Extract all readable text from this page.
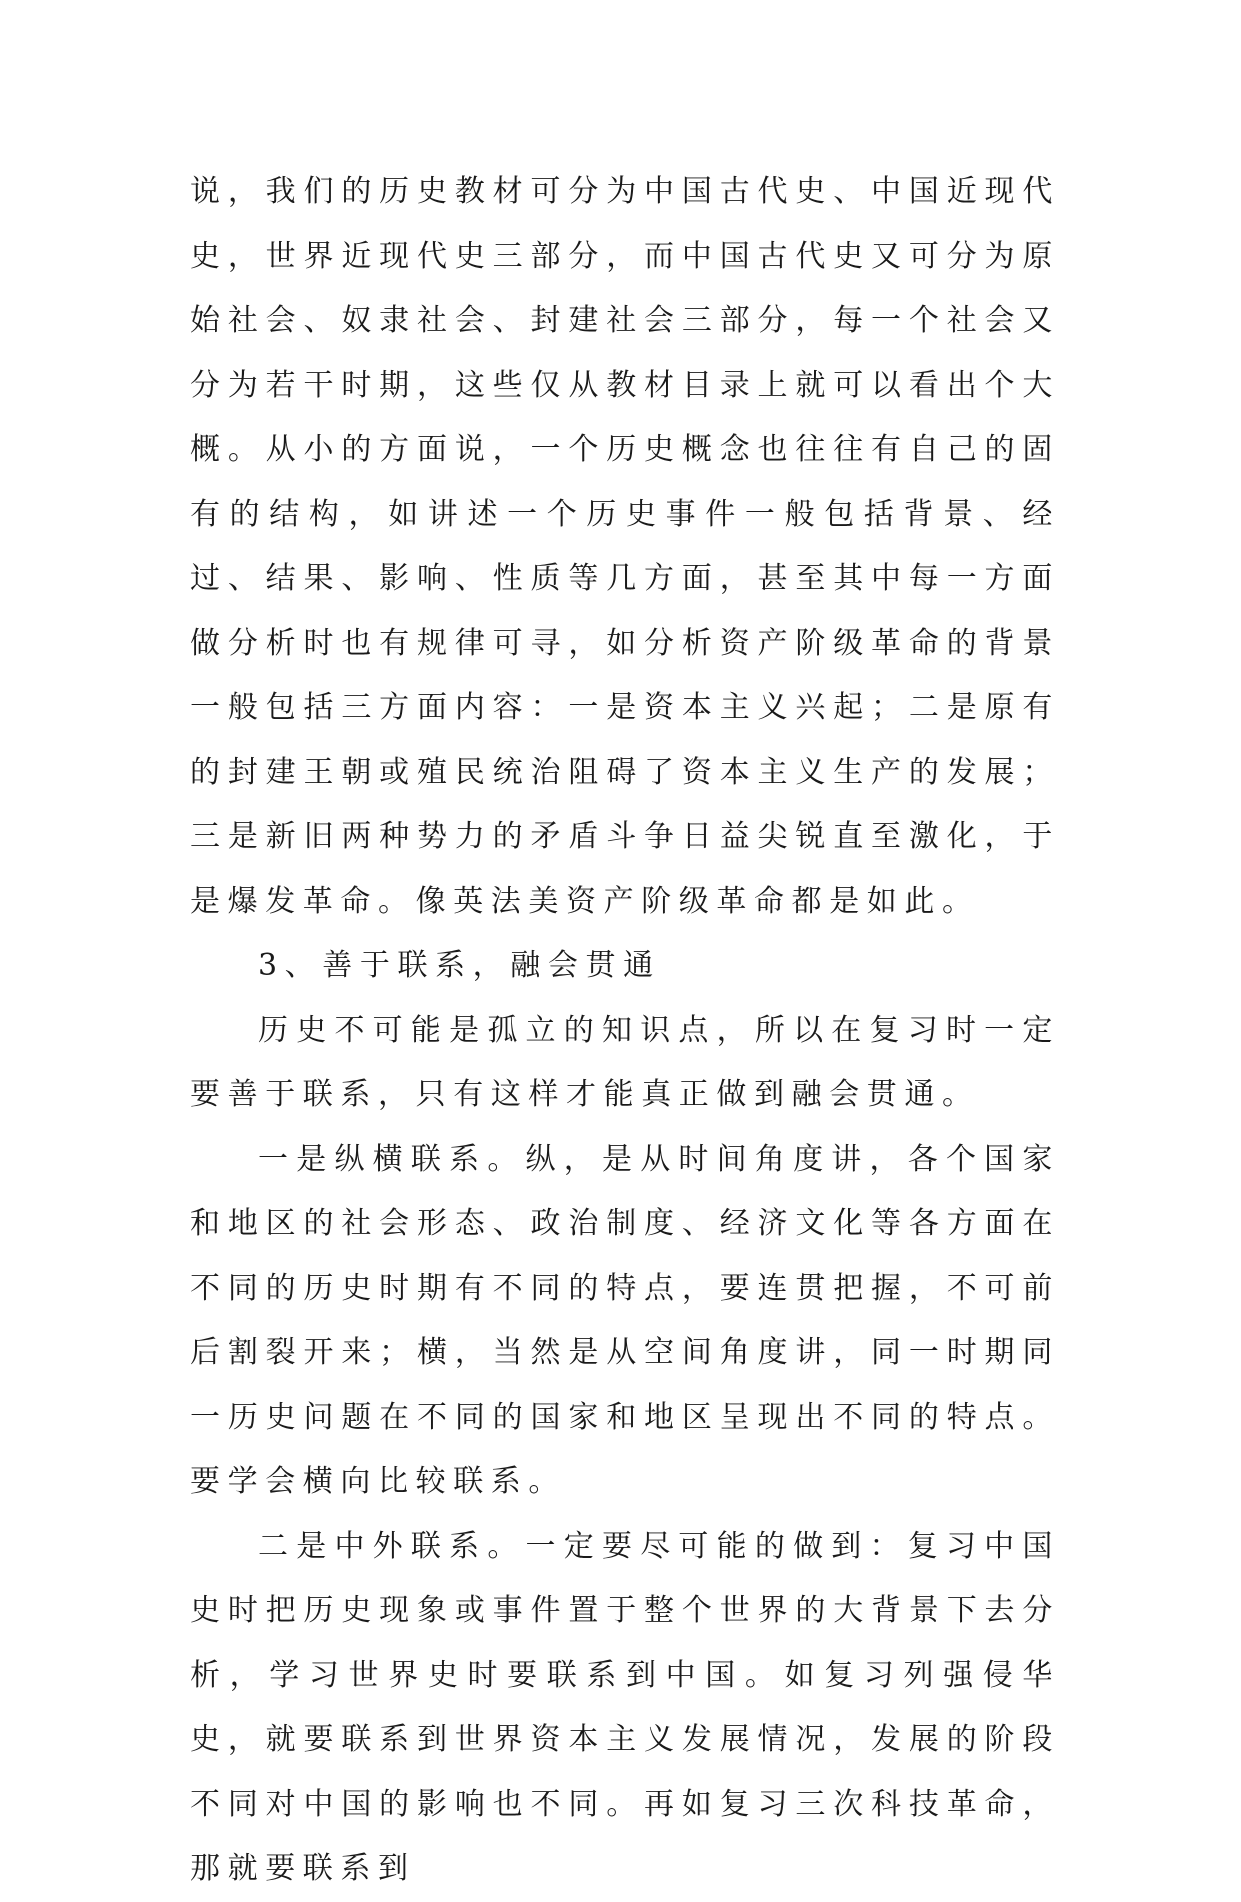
说，我们的历史教材可分为中国古代史、中国近现代史，世界近现代史三部分，而中国古代史又可分为原始社会、奴隶社会、封建社会三部分，每一个社会又分为若干时期，这些仅从教材目录上就可以看出个大概。从小的方面说，一个历史概念也往往有自己的固有的结构，如讲述一个历史事件一般包括背景、经过、结果、影响、性质等几方面，甚至其中每一方面做分析时也有规律可寻，如分析资产阶级革命的背景一般包括三方面内容：一是资本主义兴起；二是原有的封建王朝或殖民统治阻碍了资本主义生产的发展；三是新旧两种势力的矛盾斗争日益尖锐直至激化，于是爆发革命。像英法美资产阶级革命都是如此。

3、善于联系，融会贯通

历史不可能是孤立的知识点，所以在复习时一定要善于联系，只有这样才能真正做到融会贯通。

一是纵横联系。纵，是从时间角度讲，各个国家和地区的社会形态、政治制度、经济文化等各方面在不同的历史时期有不同的特点，要连贯把握，不可前后割裂开来；横，当然是从空间角度讲，同一时期同一历史问题在不同的国家和地区呈现出不同的特点。要学会横向比较联系。

二是中外联系。一定要尽可能的做到：复习中国史时把历史现象或事件置于整个世界的大背景下去分析，学习世界史时要联系到中国。如复习列强侵华史，就要联系到世界资本主义发展情况，发展的阶段不同对中国的影响也不同。再如复习三次科技革命，那就要联系到
